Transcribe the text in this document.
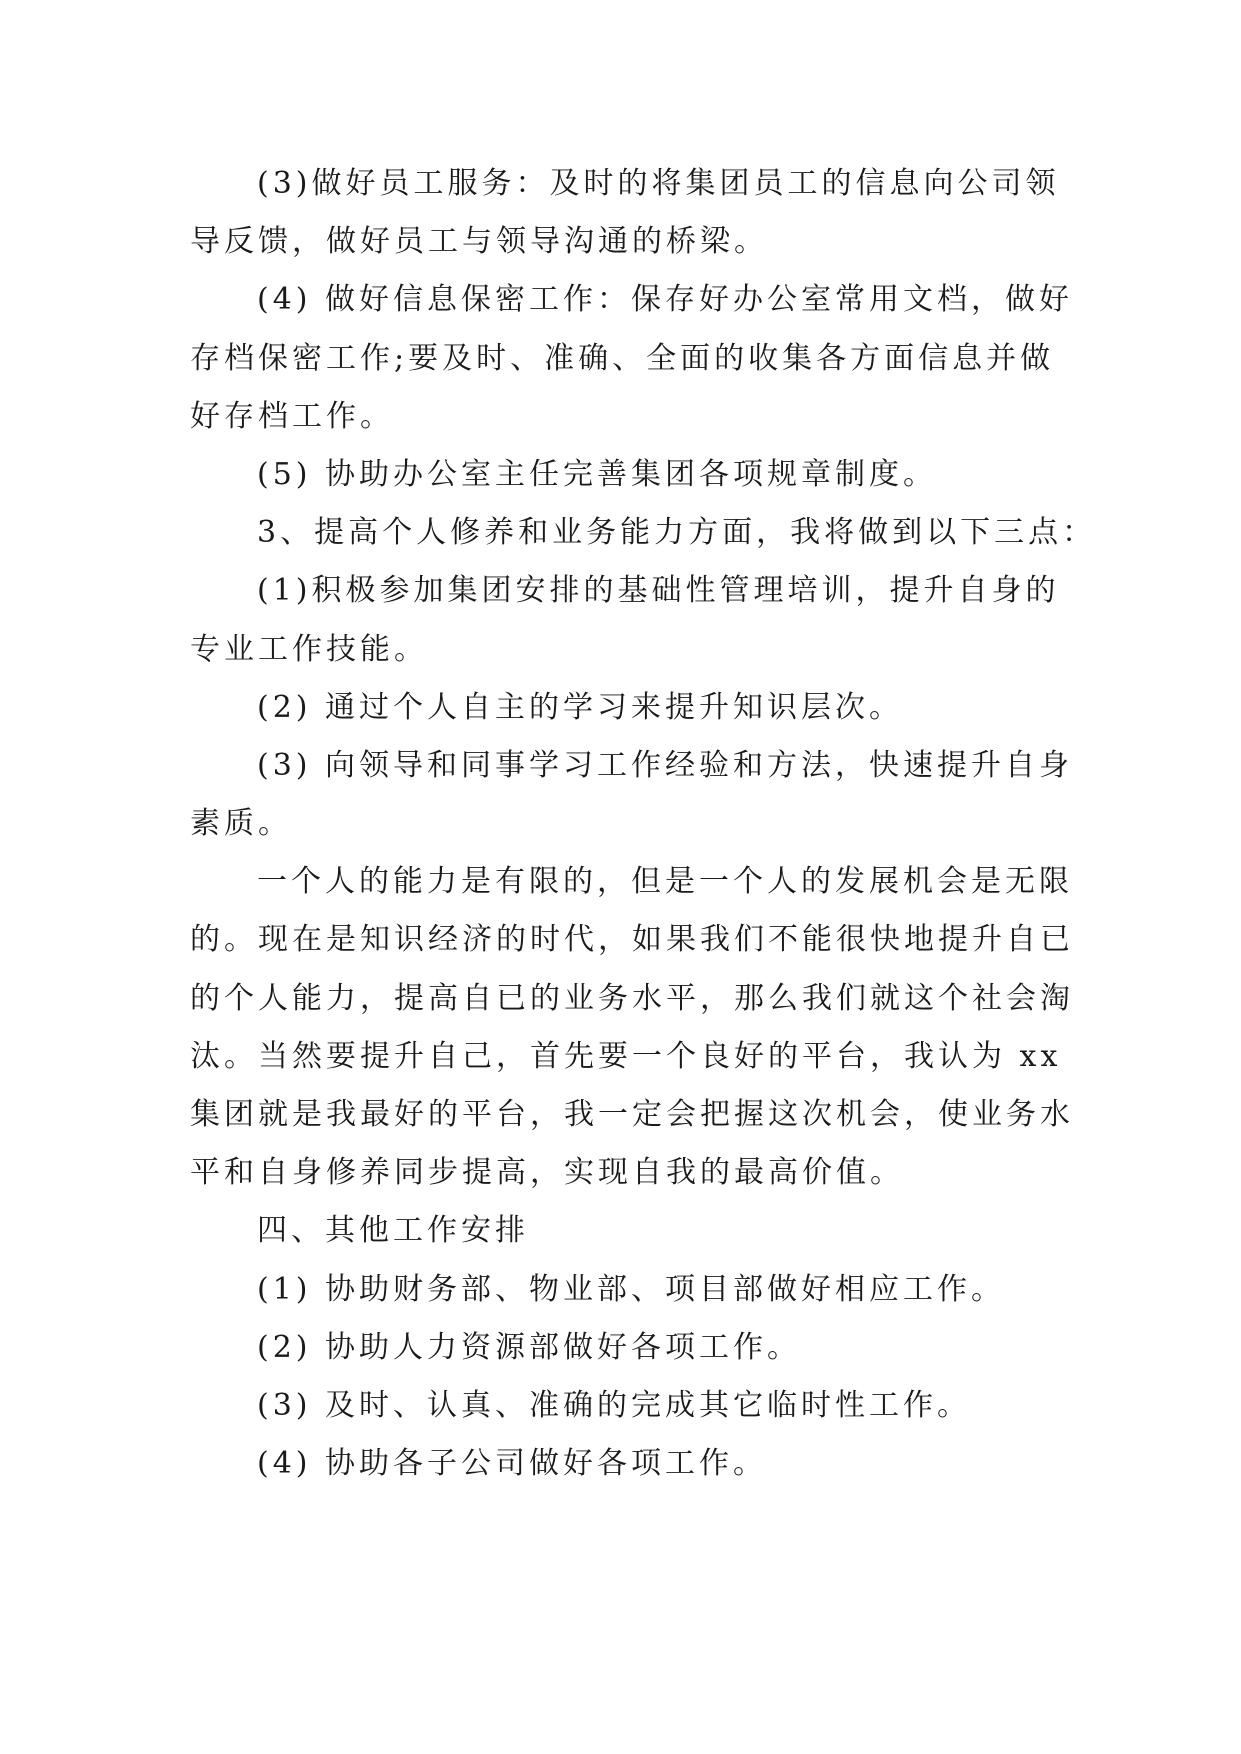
(3)做好员工服务：及时的将集团员工的信息向公司领
导反馈，做好员工与领导沟通的桥梁。
(4) 做好信息保密工作：保存好办公室常用文档，做好
存档保密工作;要及时、准确、全面的收集各方面信息并做
好存档工作。
(5) 协助办公室主任完善集团各项规章制度。
3、提高个人修养和业务能力方面，我将做到以下三点：
(1)积极参加集团安排的基础性管理培训，提升自身的
专业工作技能。
(2) 通过个人自主的学习来提升知识层次。
(3) 向领导和同事学习工作经验和方法，快速提升自身
素质。
一个人的能力是有限的，但是一个人的发展机会是无限
的。现在是知识经济的时代，如果我们不能很快地提升自已
的个人能力，提高自已的业务水平，那么我们就这个社会淘
汰。当然要提升自己，首先要一个良好的平台，我认为 xx
集团就是我最好的平台，我一定会把握这次机会，使业务水
平和自身修养同步提高，实现自我的最高价值。
四、其他工作安排
(1) 协助财务部、物业部、项目部做好相应工作。
(2) 协助人力资源部做好各项工作。
(3) 及时、认真、准确的完成其它临时性工作。
(4) 协助各子公司做好各项工作。
